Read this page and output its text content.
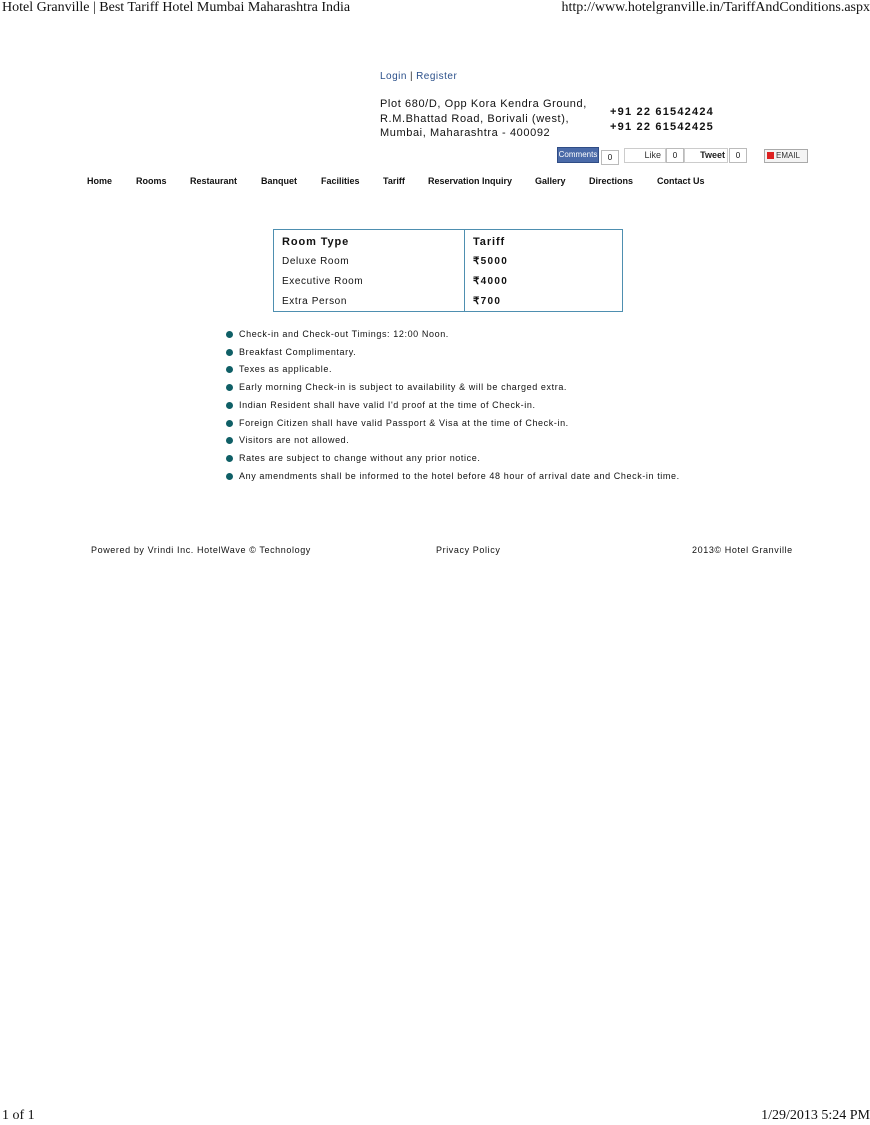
Hotel Granville | Best Tariff Hotel Mumbai Maharashtra India	http://www.hotelgranville.in/TariffAndConditions.aspx
Login | Register
Plot 680/D, Opp Kora Kendra Ground,
R.M.Bhattad Road, Borivali (west),
Mumbai, Maharashtra - 400092
+91 22 61542424
+91 22 61542425
Comments	0	Like	0	Tweet	0	EMAIL
Home	Rooms	Restaurant	Banquet	Facilities	Tariff	Reservation Inquiry	Gallery	Directions	Contact Us
Room Type	Tariff
Deluxe Room	₹5000
Executive Room	₹4000
Extra Person	₹700
Check-in and Check-out Timings: 12:00 Noon.
Breakfast Complimentary.
Texes as applicable.
Early morning Check-in is subject to availability & will be charged extra.
Indian Resident shall have valid I'd proof at the time of Check-in.
Foreign Citizen shall have valid Passport & Visa at the time of Check-in.
Visitors are not allowed.
Rates are subject to change without any prior notice.
Any amendments shall be informed to the hotel before 48 hour of arrival date and Check-in time.
Powered by Vrindi Inc. HotelWave © Technology	Privacy Policy	2013© Hotel Granville
1 of 1	1/29/2013 5:24 PM
